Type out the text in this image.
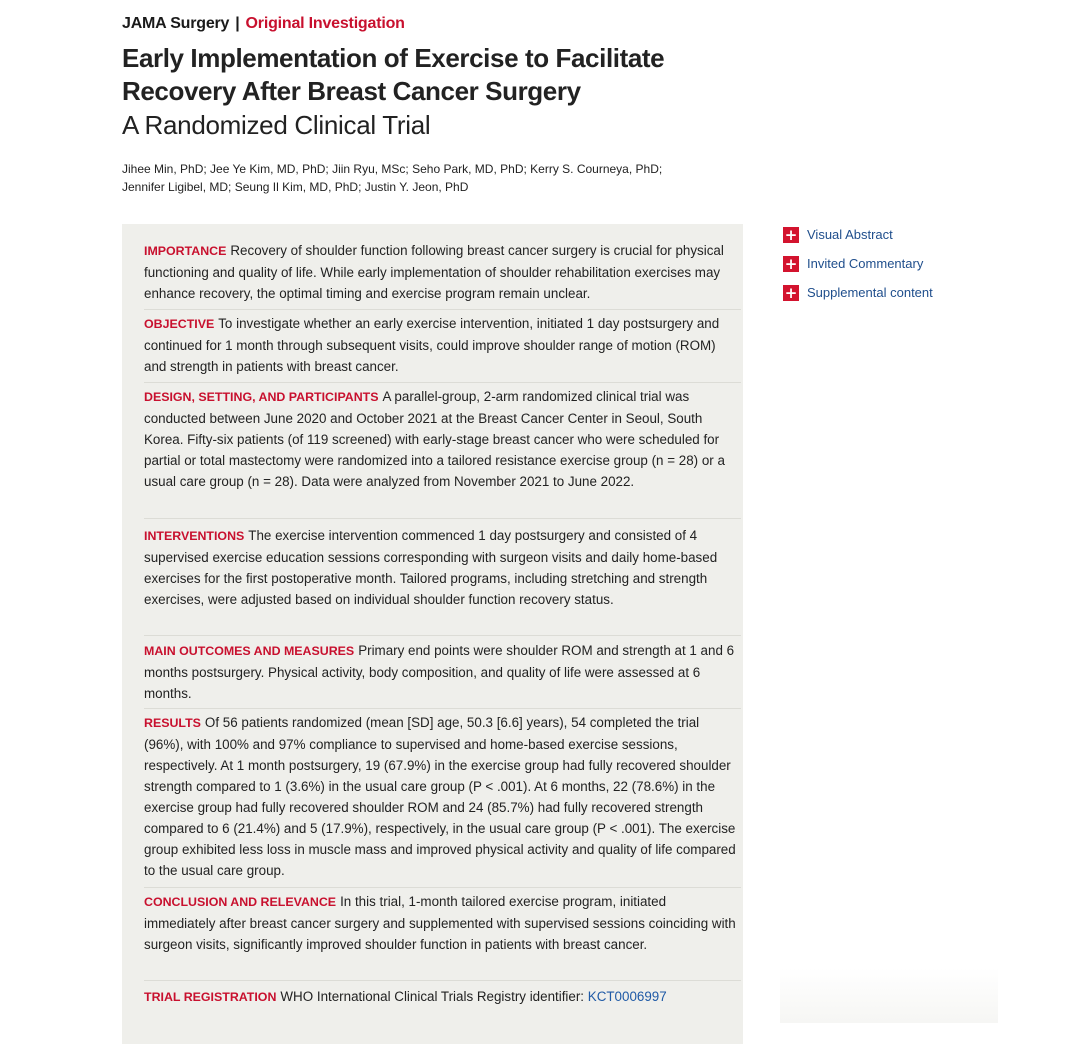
JAMA Surgery | Original Investigation
Early Implementation of Exercise to Facilitate Recovery After Breast Cancer Surgery
A Randomized Clinical Trial
Jihee Min, PhD; Jee Ye Kim, MD, PhD; Jiin Ryu, MSc; Seho Park, MD, PhD; Kerry S. Courneya, PhD;
Jennifer Ligibel, MD; Seung Il Kim, MD, PhD; Justin Y. Jeon, PhD
IMPORTANCE Recovery of shoulder function following breast cancer surgery is crucial for physical functioning and quality of life. While early implementation of shoulder rehabilitation exercises may enhance recovery, the optimal timing and exercise program remain unclear.
OBJECTIVE To investigate whether an early exercise intervention, initiated 1 day postsurgery and continued for 1 month through subsequent visits, could improve shoulder range of motion (ROM) and strength in patients with breast cancer.
DESIGN, SETTING, AND PARTICIPANTS A parallel-group, 2-arm randomized clinical trial was conducted between June 2020 and October 2021 at the Breast Cancer Center in Seoul, South Korea. Fifty-six patients (of 119 screened) with early-stage breast cancer who were scheduled for partial or total mastectomy were randomized into a tailored resistance exercise group (n = 28) or a usual care group (n = 28). Data were analyzed from November 2021 to June 2022.
INTERVENTIONS The exercise intervention commenced 1 day postsurgery and consisted of 4 supervised exercise education sessions corresponding with surgeon visits and daily home-based exercises for the first postoperative month. Tailored programs, including stretching and strength exercises, were adjusted based on individual shoulder function recovery status.
MAIN OUTCOMES AND MEASURES Primary end points were shoulder ROM and strength at 1 and 6 months postsurgery. Physical activity, body composition, and quality of life were assessed at 6 months.
RESULTS Of 56 patients randomized (mean [SD] age, 50.3 [6.6] years), 54 completed the trial (96%), with 100% and 97% compliance to supervised and home-based exercise sessions, respectively. At 1 month postsurgery, 19 (67.9%) in the exercise group had fully recovered shoulder strength compared to 1 (3.6%) in the usual care group (P < .001). At 6 months, 22 (78.6%) in the exercise group had fully recovered shoulder ROM and 24 (85.7%) had fully recovered strength compared to 6 (21.4%) and 5 (17.9%), respectively, in the usual care group (P < .001). The exercise group exhibited less loss in muscle mass and improved physical activity and quality of life compared to the usual care group.
CONCLUSION AND RELEVANCE In this trial, 1-month tailored exercise program, initiated immediately after breast cancer surgery and supplemented with supervised sessions coinciding with surgeon visits, significantly improved shoulder function in patients with breast cancer.
TRIAL REGISTRATION WHO International Clinical Trials Registry identifier: KCT0006997
+ Visual Abstract
+ Invited Commentary
+ Supplemental content
